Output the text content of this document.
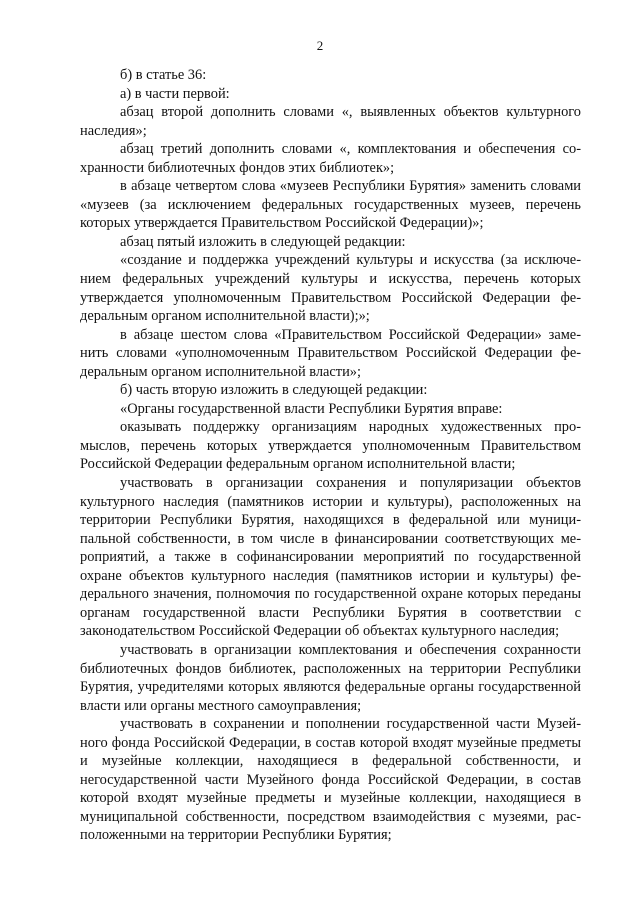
2

б) в статье 36:

а) в части первой:

абзац второй дополнить словами «, выявленных объектов культурного наследия»;

абзац третий дополнить словами «, комплектования и обеспечения сохранности библиотечных фондов этих библиотек»;

в абзаце четвертом слова «музеев Республики Бурятия» заменить словами «музеев (за исключением федеральных государственных музеев, перечень которых утверждается Правительством Российской Федерации)»;

абзац пятый изложить в следующей редакции:

«создание и поддержка учреждений культуры и искусства (за исключением федеральных учреждений культуры и искусства, перечень которых утверждается уполномоченным Правительством Российской Федерации федеральным органом исполнительной власти);»;

в абзаце шестом слова «Правительством Российской Федерации» заменить словами «уполномоченным Правительством Российской Федерации федеральным органом исполнительной власти»;

б) часть вторую изложить в следующей редакции:

«Органы государственной власти Республики Бурятия вправе:

оказывать поддержку организациям народных художественных промыслов, перечень которых утверждается уполномоченным Правительством Российской Федерации федеральным органом исполнительной власти;

участвовать в организации сохранения и популяризации объектов культурного наследия (памятников истории и культуры), расположенных на территории Республики Бурятия, находящихся в федеральной или муниципальной собственности, в том числе в финансировании соответствующих мероприятий, а также в софинансировании мероприятий по государственной охране объектов культурного наследия (памятников истории и культуры) федерального значения, полномочия по государственной охране которых переданы органам государственной власти Республики Бурятия в соответствии с законодательством Российской Федерации об объектах культурного наследия;

участвовать в организации комплектования и обеспечения сохранности библиотечных фондов библиотек, расположенных на территории Республики Бурятия, учредителями которых являются федеральные органы государственной власти или органы местного самоуправления;

участвовать в сохранении и пополнении государственной части Музейного фонда Российской Федерации, в состав которой входят музейные предметы и музейные коллекции, находящиеся в федеральной собственности, и негосударственной части Музейного фонда Российской Федерации, в состав которой входят музейные предметы и музейные коллекции, находящиеся в муниципальной собственности, посредством взаимодействия с музеями, расположенными на территории Республики Бурятия;
